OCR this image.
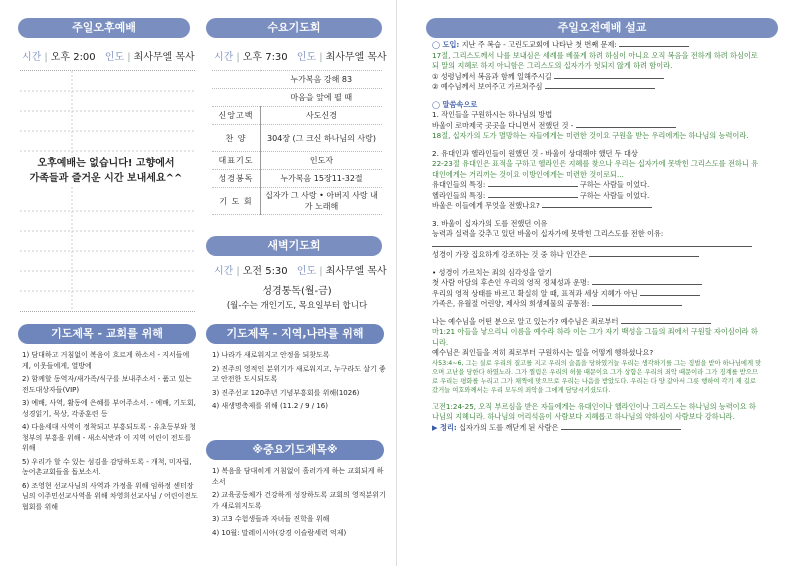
주일오후예배
시간 | 오후 2:00 인도 | 최사무엘 목사
오후예배는 없습니다! 고향에서
가족들과 즐거운 시간 보내세요^^
수요기도회
시간 | 오후 7:30 인도 | 최사무엘 목사
	누가복음 강해 83
	마음을 앞에 펼 때
신앙고백	사도신경
찬 양	304장 (그 크신 하나님의 사랑)
대표기도	인도자
성경봉독	누가복음 15장11-32절
기 도 회	십자가 그 사랑 • 아버지 사랑 내가 노래해
새벽기도회
시간 | 오전 5:30 인도 | 최사무엘 목사
성경통독(월-금)
(월-수는 개인기도, 목요일부터 합니다
기도제목 - 교회를 위해
1) 담대하고 거침없이 복음이 흐르게 하소서 - 지서들에게, 이웃들에게, 열방에
2) 함께할 동역자/새가족/식구를 보내주소서 - 품고 있는 전도대상자들(VIP)
3) 예배, 사역, 활동에 은혜를 부어주소서. - 예배, 기도회, 성경읽기, 묵상, 각종훈련 등
4) 다음세대 사역이 정착되고 부흥되도록 - 유초등부와 청청부의 부흥을 위해 - 새소식반과 이 지역 어린이 전도를 위해
5) 우리가 할 수 있는 섬김을 감당하도록 - 개척, 미자립, 농어촌교회들을 돕보소서.
6) 조영현 선교사님의 사역과 가정을 위해 임하정 센터장님의 이주민선교사역을 위해 차영희선교사님 / 어린이전도협회를 위해
기도제목 - 지역,나라를 위해
1) 나라가 새로워지고 안정을 되찾도록
2) 진주의 영적인 분위기가 새로워지고, 누구라도 살기 좋고 안전한 도시되도록
3) 진주선교 120주년 기념부흥회를 위해(1026)
4) 새생명축제를 위해 (11.2 / 9 / 16)
※중요기도제목※
1) 복음을 담대히게 거침없이 흘러가게 하는 교회되게 하소서
2) 교육공동체가 건강하게 성장하도록 교회의 영적분위기가 새로워지도록
3) 고3 수험생들과 자녀들 진학을 위해
4) 10월: 말레이시아(강경 이슬람세력 억제)
주일오전예배 설교

◯ 도입: 지난 주 복습 - 고린도교회에 나타난 첫 번째 문제:

17절, 그리스도께서 나를 보내심은 세례를 베풀게 하려 하심이 아니요 오직 복음을 전하게 하려 하심이로되 말의 지혜로 하지 아니함은 그리스도의 십자가가 헛되지 않게 하려 함이라.

① 성령님께서 복음과 함께 일해주시길

② 예수님께서 보여주고 가르쳐주심

◯ 말씀속으로

1. 작인들을 구원하시는 하나님의 방법

바울이 로마제국 곳곳을 다니면서 전했던 것 -

18절, 십자가의 도가 멸망하는 자들에게는 미련한 것이요 구원을 받는 우리에게는 하나님의 능력이라.

2. 유대인과 헬라인들이 원했던 것 - 바울이 상대해야 했던 두 대상

22-23절 유대인은 표적을 구하고 헬라인은 지혜를 찾으나 우리는 십자가에 못박힌 그리스도를 전하니 유대인에게는 거리끼는 것이요 이방인에게는 미련한 것이로되...

유대인들의 특징:	구하는 사람들 이었다.

헬라인들의 특징:	구하는 사람들 이었다.

바울은 이들에게 무엇을 전했나요?

3. 바울이 십자가의 도를 전했던 이유

능력과 실력을 갖추고 있던 바울이 십자가에 못박힌 그리스도를 전한 이유:

성경이 가장 집요하게 강조하는 것 중 하나 인간은

• 성경이 가르치는 죄의 심각성을 알기

첫 사람 아담의 후손인 우리의 영적 정체성과 운명:

우리의 영적 상태를 바르고 확실히 알 때, 표적과 세상 지혜가 아닌

가족은, 유월절 어린양, 제사의 희생제물의 공통점:

나는 예수님을 어떤 분으로 알고 있는가? 예수님은 죄로부터

마1:21 아들을 낳으리니 이름을 예수라 하라 이는 그가 자기 백성을 그들의 죄에서 구원할 자이심이라 하니라.

예수님은 죄인들을 저히 죄로부터 구원하시는 일을 어떻게 행하셨나요?

사53:4~6, 그는 실로 우리의 질고를 지고 우리의 슬픔을 당하였거늘 우리는 생각하기를 그는 징벌을 받아 하나님에게 맞으며 고난을 당한다 하였노라. 그가 찔림은 우리의 허물 때문이요 그가 상함은 우리의 죄악 때문이라 그가 징계를 받으므로 우리는 평화를 누리고 그가 채찍에 맞으므로 우리는 나음을 받았도다. 우리는 다 양 같아서 그릇 행하여 각기 제 길로 갔거늘 여호와께서는 우리 모두의 죄악을 그에게 담당시키셨도다.

고전1:24-25, 오직 부르심을 받은 자들에게는 유대인이나 헬라인이나 그리스도는 하나님의 능력이요 하나님의 지혜니라. 하나님의 어리석음이 사람보다 지혜롭고 하나님의 약하심이 사람보다 강하니라.

▶ 정리: 십자가의 도를 깨닫게 된 사람은
